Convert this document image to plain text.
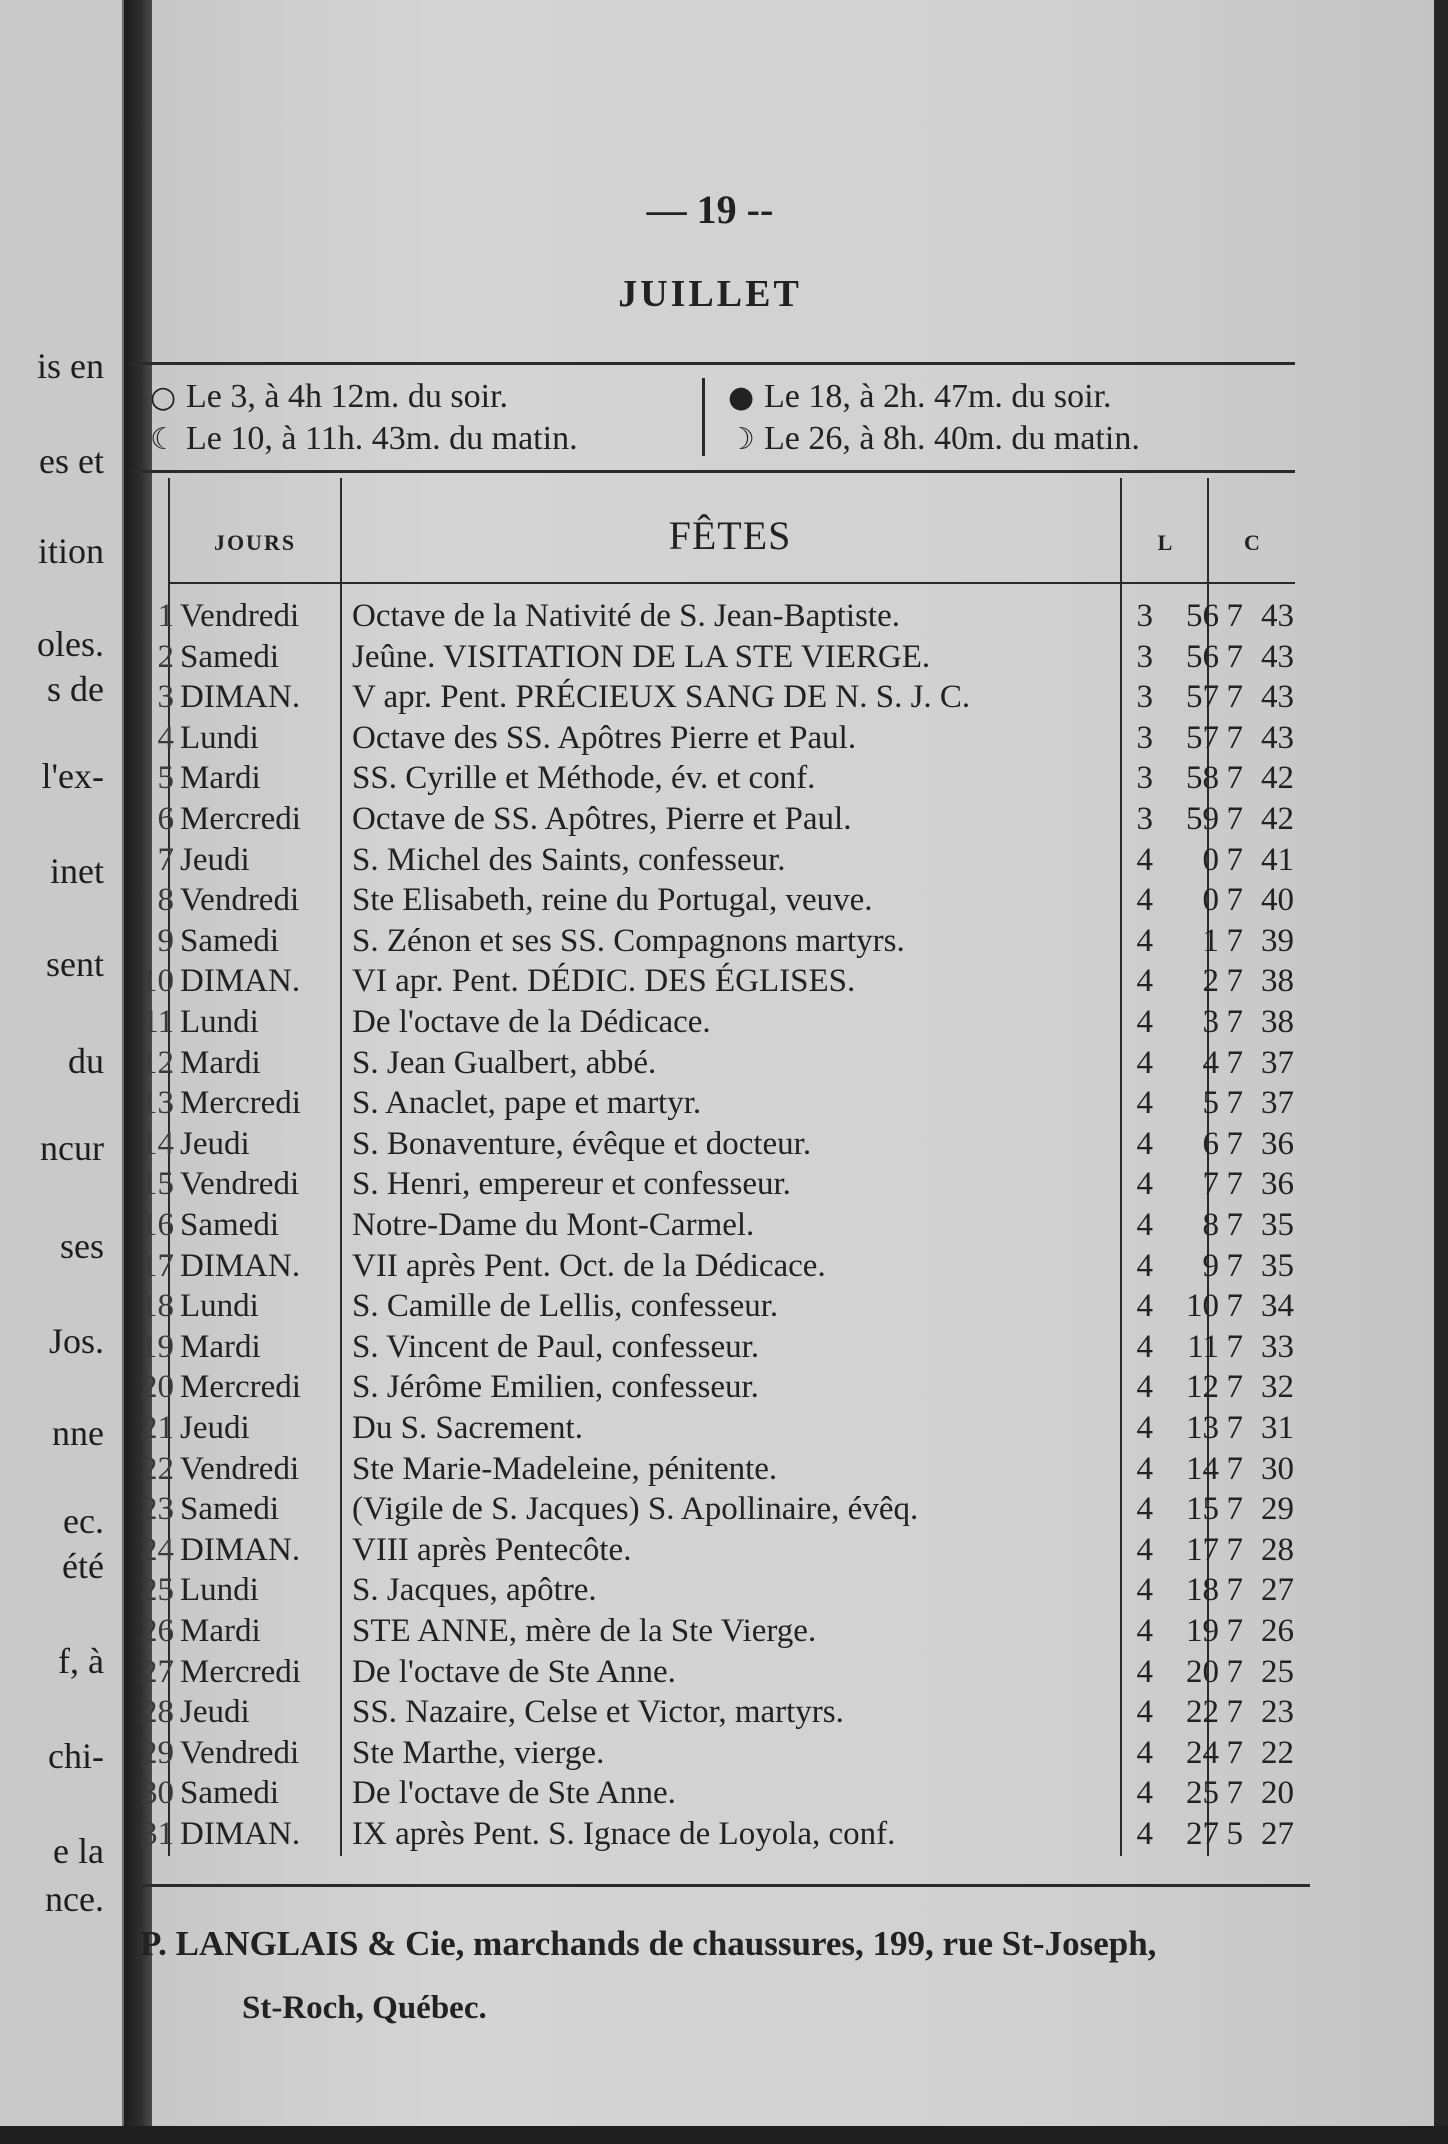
is en
es et
ition
oles.
s de
l'ex-
inet
sent
du
ncur
ses
Jos.
nne
ec.
été
f, à
chi-
e la
nce.
— 19 --
JUILLET
○ Le 3, à 4h 12m. du soir.
☾ Le 10, à 11h. 43m. du matin.
● Le 18, à 2h. 47m. du soir.
☽ Le 26, à 8h. 40m. du matin.
JOURS	FÊTES	L	C
1 Vendredi	Octave de la Nativité de S. Jean-Baptiste.	3	56 7 43
2 Samedi	Jeûne. VISITATION DE LA STE VIERGE.	3	56 7 43
3 DIMAN.	V apr. Pent. PRÉCIEUX SANG DE N. S. J. C.	3	57 7 43
4 Lundi	Octave des SS. Apôtres Pierre et Paul.	3	57 7 43
5 Mardi	SS. Cyrille et Méthode, év. et conf.	3	58 7 42
6 Mercredi	Octave de SS. Apôtres, Pierre et Paul.	3	59 7 42
7 Jeudi	S. Michel des Saints, confesseur.	4	0 7 41
8 Vendredi	Ste Elisabeth, reine du Portugal, veuve.	4	0 7 40
9 Samedi	S. Zénon et ses SS. Compagnons martyrs.	4	1 7 39
10 DIMAN.	VI apr. Pent. DÉDIC. DES ÉGLISES.	4	2 7 38
11 Lundi	De l'octave de la Dédicace.	4	3 7 38
12 Mardi	S. Jean Gualbert, abbé.	4	4 7 37
13 Mercredi	S. Anaclet, pape et martyr.	4	5 7 37
14 Jeudi	S. Bonaventure, évêque et docteur.	4	6 7 36
15 Vendredi	S. Henri, empereur et confesseur.	4	7 7 36
16 Samedi	Notre-Dame du Mont-Carmel.	4	8 7 35
17 DIMAN.	VII après Pent. Oct. de la Dédicace.	4	9 7 35
18 Lundi	S. Camille de Lellis, confesseur.	4	10 7 34
19 Mardi	S. Vincent de Paul, confesseur.	4	11 7 33
20 Mercredi	S. Jérôme Emilien, confesseur.	4	12 7 32
21 Jeudi	Du S. Sacrement.	4	13 7 31
22 Vendredi	Ste Marie-Madeleine, pénitente.	4	14 7 30
23 Samedi	(Vigile de S. Jacques) S. Apollinaire, évêq.	4	15 7 29
24 DIMAN.	VIII après Pentecôte.	4	17 7 28
25 Lundi	S. Jacques, apôtre.	4	18 7 27
26 Mardi	STE ANNE, mère de la Ste Vierge.	4	19 7 26
27 Mercredi	De l'octave de Ste Anne.	4	20 7 25
28 Jeudi	SS. Nazaire, Celse et Victor, martyrs.	4	22 7 23
29 Vendredi	Ste Marthe, vierge.	4	24 7 22
30 Samedi	De l'octave de Ste Anne.	4	25 7 20
31 DIMAN.	IX après Pent. S. Ignace de Loyola, conf.	4	27 5 27
P. LANGLAIS & Cie, marchands de chaussures, 199, rue St-Joseph,
St-Roch, Québec.
